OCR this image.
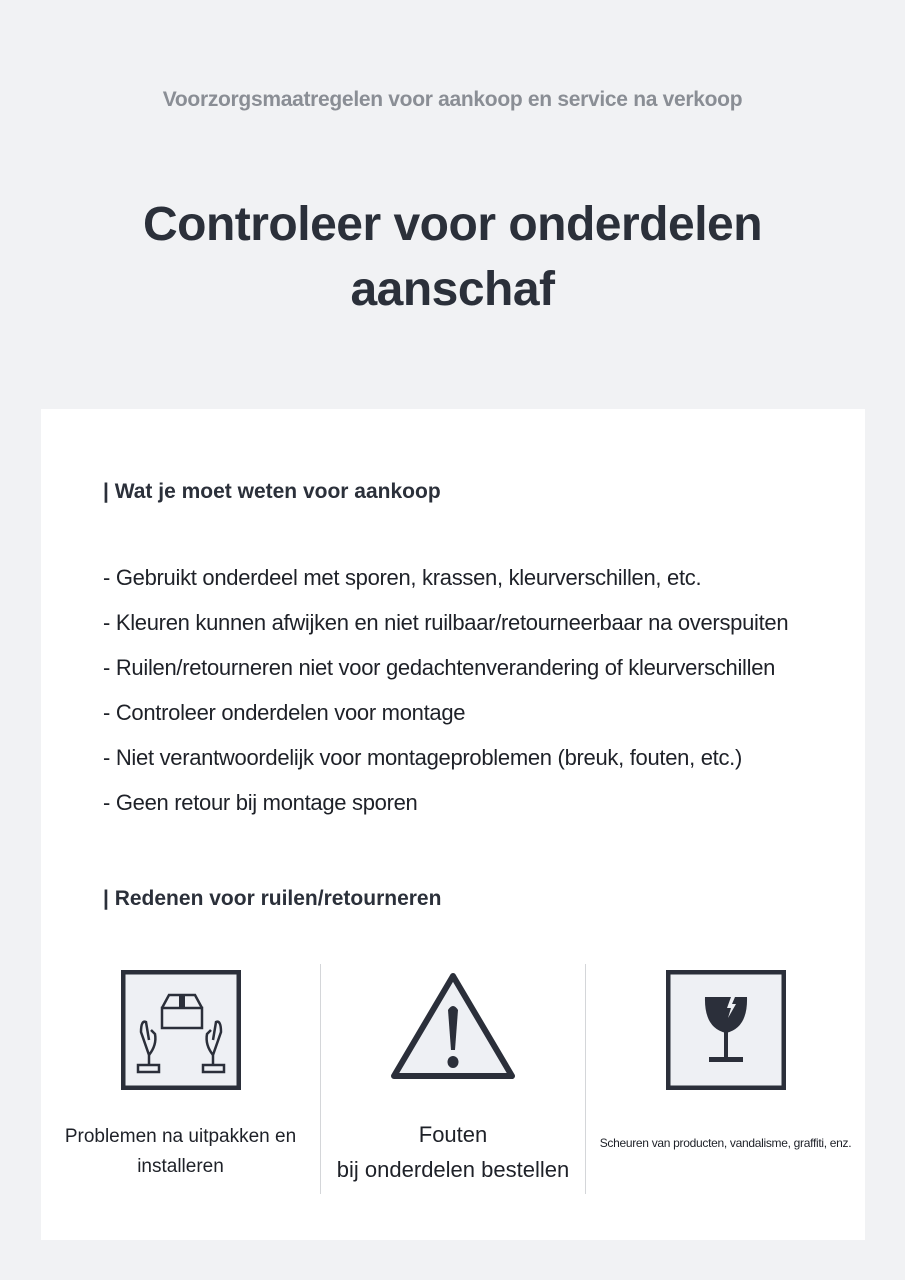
Voorzorgsmaatregelen voor aankoop en service na verkoop
Controleer voor onderdelen
aanschaf
| Wat je moet weten voor aankoop
- Gebruikt onderdeel met sporen, krassen, kleurverschillen, etc.
- Kleuren kunnen afwijken en niet ruilbaar/retourneerbaar na overspuiten
- Ruilen/retourneren niet voor gedachtenverandering of kleurverschillen
- Controleer onderdelen voor montage
- Niet verantwoordelijk voor montageproblemen (breuk, fouten, etc.)
- Geen retour bij montage sporen
| Redenen voor ruilen/retourneren
Problemen na uitpakken en
installeren
Fouten
bij onderdelen bestellen
Scheuren van producten, vandalisme, graffiti, enz.
